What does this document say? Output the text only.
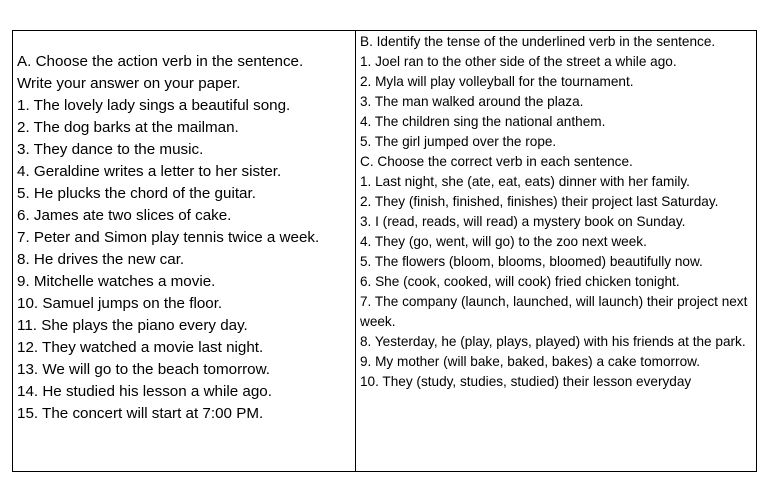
A. Choose the action verb in the sentence.
Write your answer on your paper.
1. The lovely lady sings a beautiful song.
2. The dog barks at the mailman.
3. They dance to the music.
4. Geraldine writes a letter to her sister.
5. He plucks the chord of the guitar.
6. James ate two slices of cake.
7. Peter and Simon play tennis twice a week.
8. He drives the new car.
9. Mitchelle watches a movie.
10. Samuel jumps on the floor.
11. She plays the piano every day.
12. They watched a movie last night.
13. We will go to the beach tomorrow.
14. He studied his lesson a while ago.
15. The concert will start at 7:00 PM.
B. Identify the tense of the underlined verb in the sentence.
1. Joel ran to the other side of the street a while ago.
2. Myla will play volleyball for the tournament.
3. The man walked around the plaza.
4. The children sing the national anthem.
5. The girl jumped over the rope.
C. Choose the correct verb in each sentence.
1. Last night, she (ate, eat, eats) dinner with her family.
2. They (finish, finished, finishes) their project last Saturday.
3. I (read, reads, will read) a mystery book on Sunday.
4. They (go, went, will go) to the zoo next week.
5. The flowers (bloom, blooms, bloomed) beautifully now.
6. She (cook, cooked, will cook) fried chicken tonight.
7. The company (launch, launched, will launch) their project next week.
8. Yesterday, he (play, plays, played) with his friends at the park.
9. My mother (will bake, baked, bakes) a cake tomorrow.
10. They (study, studies, studied) their lesson everyday
